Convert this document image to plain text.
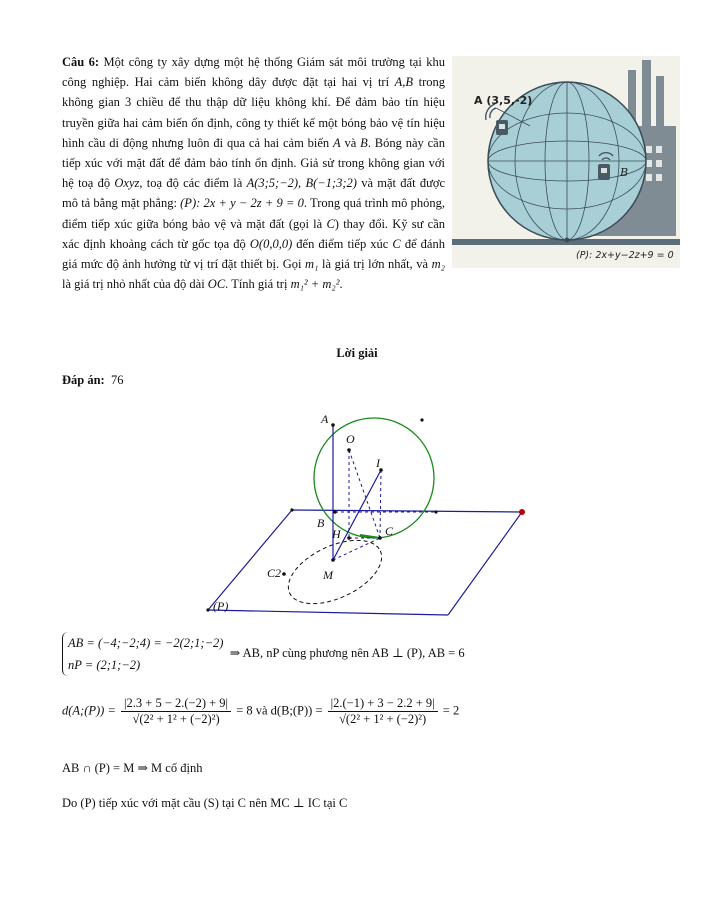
Câu 6: Một công ty xây dựng một hệ thống Giám sát môi trường tại khu công nghiệp. Hai cảm biến không dây được đặt tại hai vị trí A,B trong không gian 3 chiều để thu thập dữ liệu không khí. Để đảm bảo tín hiệu truyền giữa hai cảm biến ổn định, công ty thiết kế một bóng bảo vệ tín hiệu hình cầu di động nhưng luôn đi qua cả hai cảm biến A và B. Bóng này cần tiếp xúc với mặt đất để đảm bảo tính ổn định. Giả sử trong không gian với hệ toạ độ Oxyz, toạ độ các điểm là A(3;5;−2), B(−1;3;2) và mặt đất được mô tả bằng mặt phẳng: (P): 2x + y − 2z + 9 = 0. Trong quá trình mô phỏng, điểm tiếp xúc giữa bóng bảo vệ và mặt đất (gọi là C) thay đổi. Kỹ sư cần xác định khoảng cách từ gốc tọa độ O(0,0,0) đến điểm tiếp xúc C để đánh giá mức độ ảnh hưởng từ vị trí đặt thiết bị. Gọi m₁ là giá trị lớn nhất, và m₂ là giá trị nhỏ nhất của độ dài OC. Tính giá trị m₁² + m₂².
A (3,5,-2)
B
(P): 2x+y−2z+9 = 0
Lời giải
Đáp án: 76
A
O
I
B
H	C
C2	M
(P)
AB = (−4;−2;4) = −2(2;1;−2)
nP = (2;1;−2)  ⇒ AB, nP cùng phương nên AB ⊥ (P), AB = 6
d(A;(P)) = $\frac{|2.3 + 5 - 2.(-2) + 9|}{\text{√(2² + 1² + (−2)²)}} = 8$ và d(B;(P)) = $\frac{|2.(-1) + 3 - 2.2 + 9|}{\text{√(2² + 1² + (−2)²)}} = 2$
AB ∩ (P) = M ⇒ M cố định
Do (P) tiếp xúc với mặt cầu (S) tại C nên MC ⊥ IC tại C
